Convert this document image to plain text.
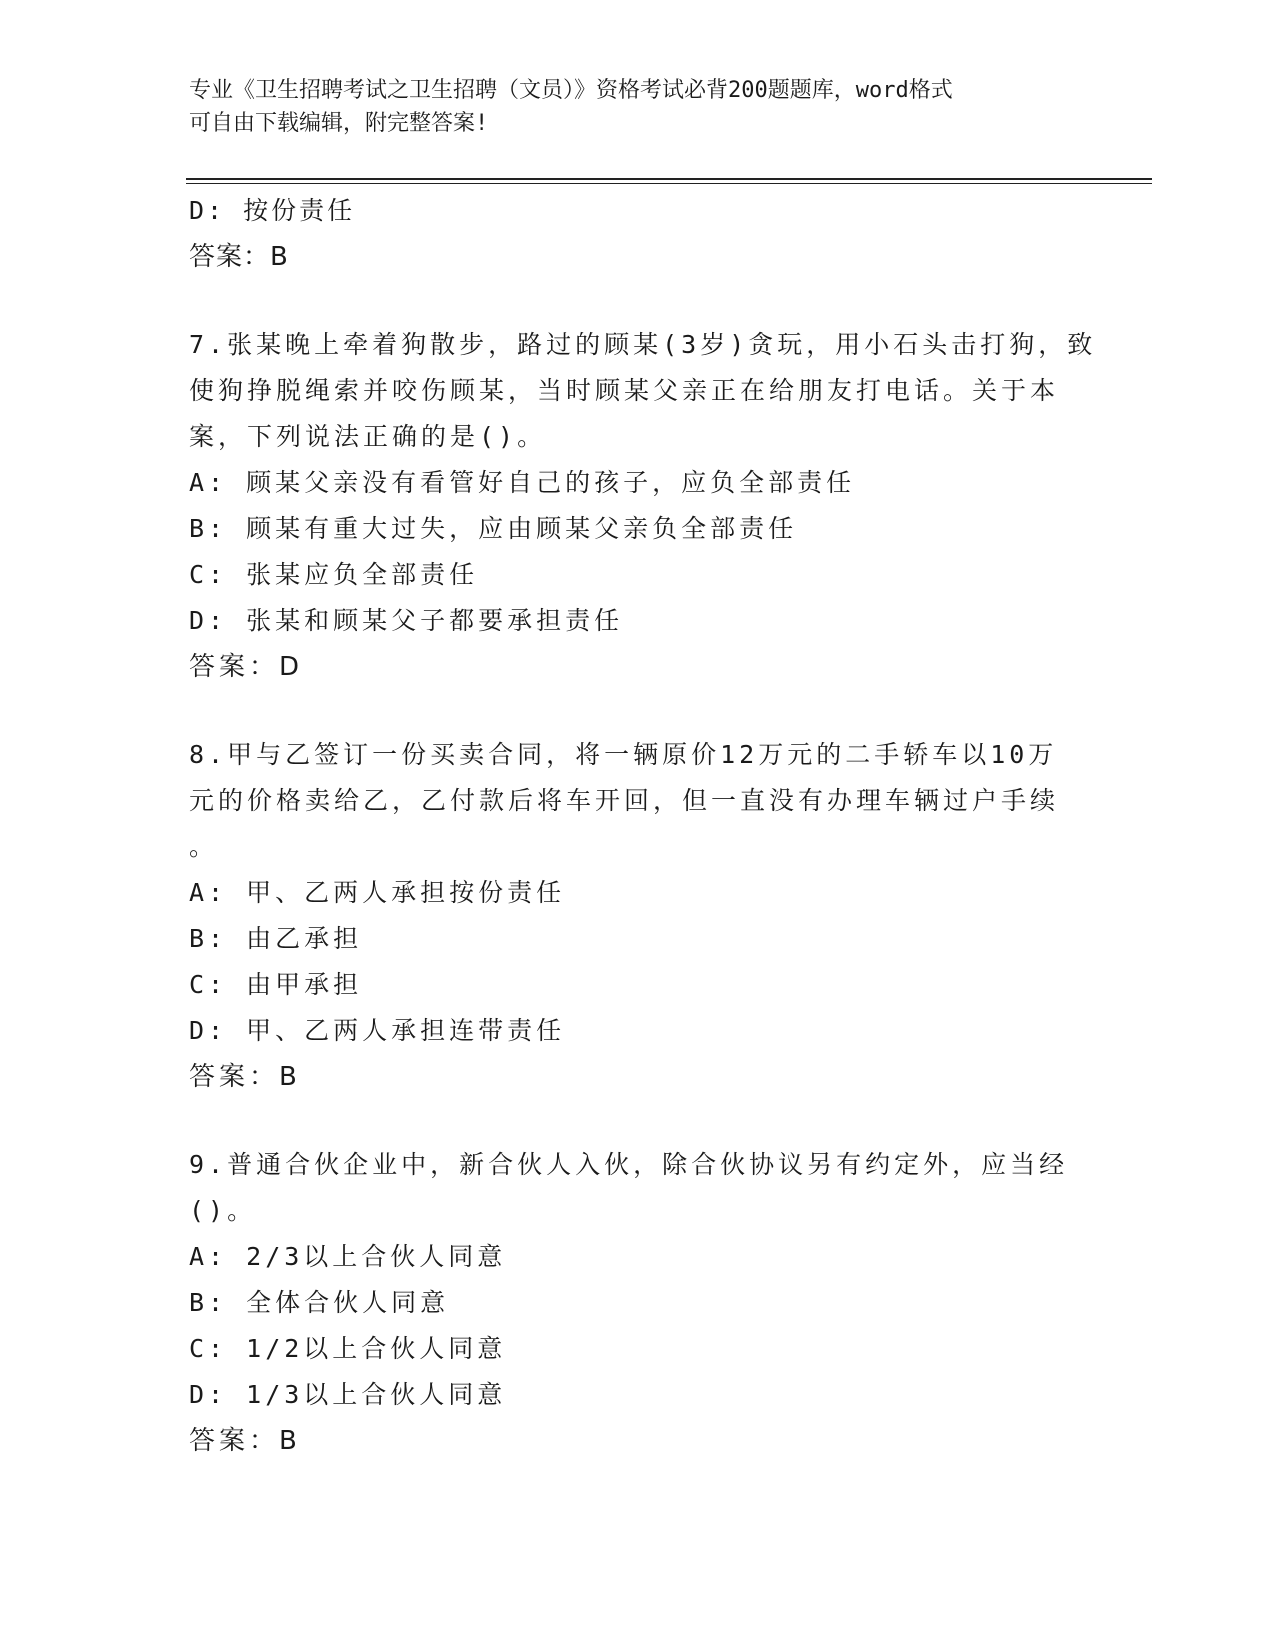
专业《卫生招聘考试之卫生招聘（文员）》资格考试必背200题题库，word格式
可自由下载编辑，附完整答案!
D: 按份责任
答案：B
7.张某晚上牵着狗散步，路过的顾某(3岁)贪玩，用小石头击打狗，致
使狗挣脱绳索并咬伤顾某，当时顾某父亲正在给朋友打电话。关于本
案，下列说法正确的是()。
A: 顾某父亲没有看管好自己的孩子，应负全部责任
B: 顾某有重大过失，应由顾某父亲负全部责任
C: 张某应负全部责任
D: 张某和顾某父子都要承担责任
答案：D
8.甲与乙签订一份买卖合同，将一辆原价12万元的二手轿车以10万
元的价格卖给乙，乙付款后将车开回，但一直没有办理车辆过户手续
。
A: 甲、乙两人承担按份责任
B: 由乙承担
C: 由甲承担
D: 甲、乙两人承担连带责任
答案：B
9.普通合伙企业中，新合伙人入伙，除合伙协议另有约定外，应当经
()。
A: 2/3以上合伙人同意
B: 全体合伙人同意
C: 1/2以上合伙人同意
D: 1/3以上合伙人同意
答案：B
